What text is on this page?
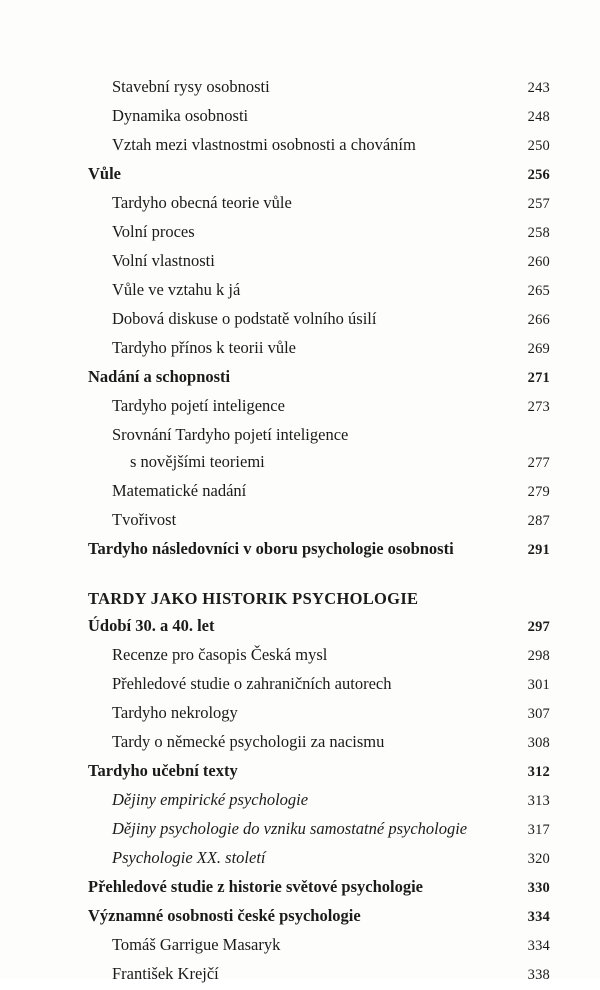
Stavební rysy osobnosti	243
Dynamika osobnosti	248
Vztah mezi vlastnostmi osobnosti a chováním	250
Vůle	256
Tardyho obecná teorie vůle	257
Volní proces	258
Volní vlastnosti	260
Vůle ve vztahu k já	265
Dobová diskuse o podstatě volního úsilí	266
Tardyho přínos k teorii vůle	269
Nadání a schopnosti	271
Tardyho pojetí inteligence	273
Srovnání Tardyho pojetí inteligence
s novějšími teoriemi	277
Matematické nadání	279
Tvořivost	287
Tardyho následovníci v oboru psychologie osobnosti	291
TARDY JAKO HISTORIK PSYCHOLOGIE
Údobí 30. a 40. let	297
Recenze pro časopis Česká mysl	298
Přehledové studie o zahraničních autorech	301
Tardyho nekrology	307
Tardy o německé psychologii za nacismu	308
Tardyho učební texty	312
Dějiny empirické psychologie	313
Dějiny psychologie do vzniku samostatné psychologie	317
Psychologie XX. století	320
Přehledové studie z historie světové psychologie	330
Významné osobnosti české psychologie	334
Tomáš Garrigue Masaryk	334
František Krejčí	338
